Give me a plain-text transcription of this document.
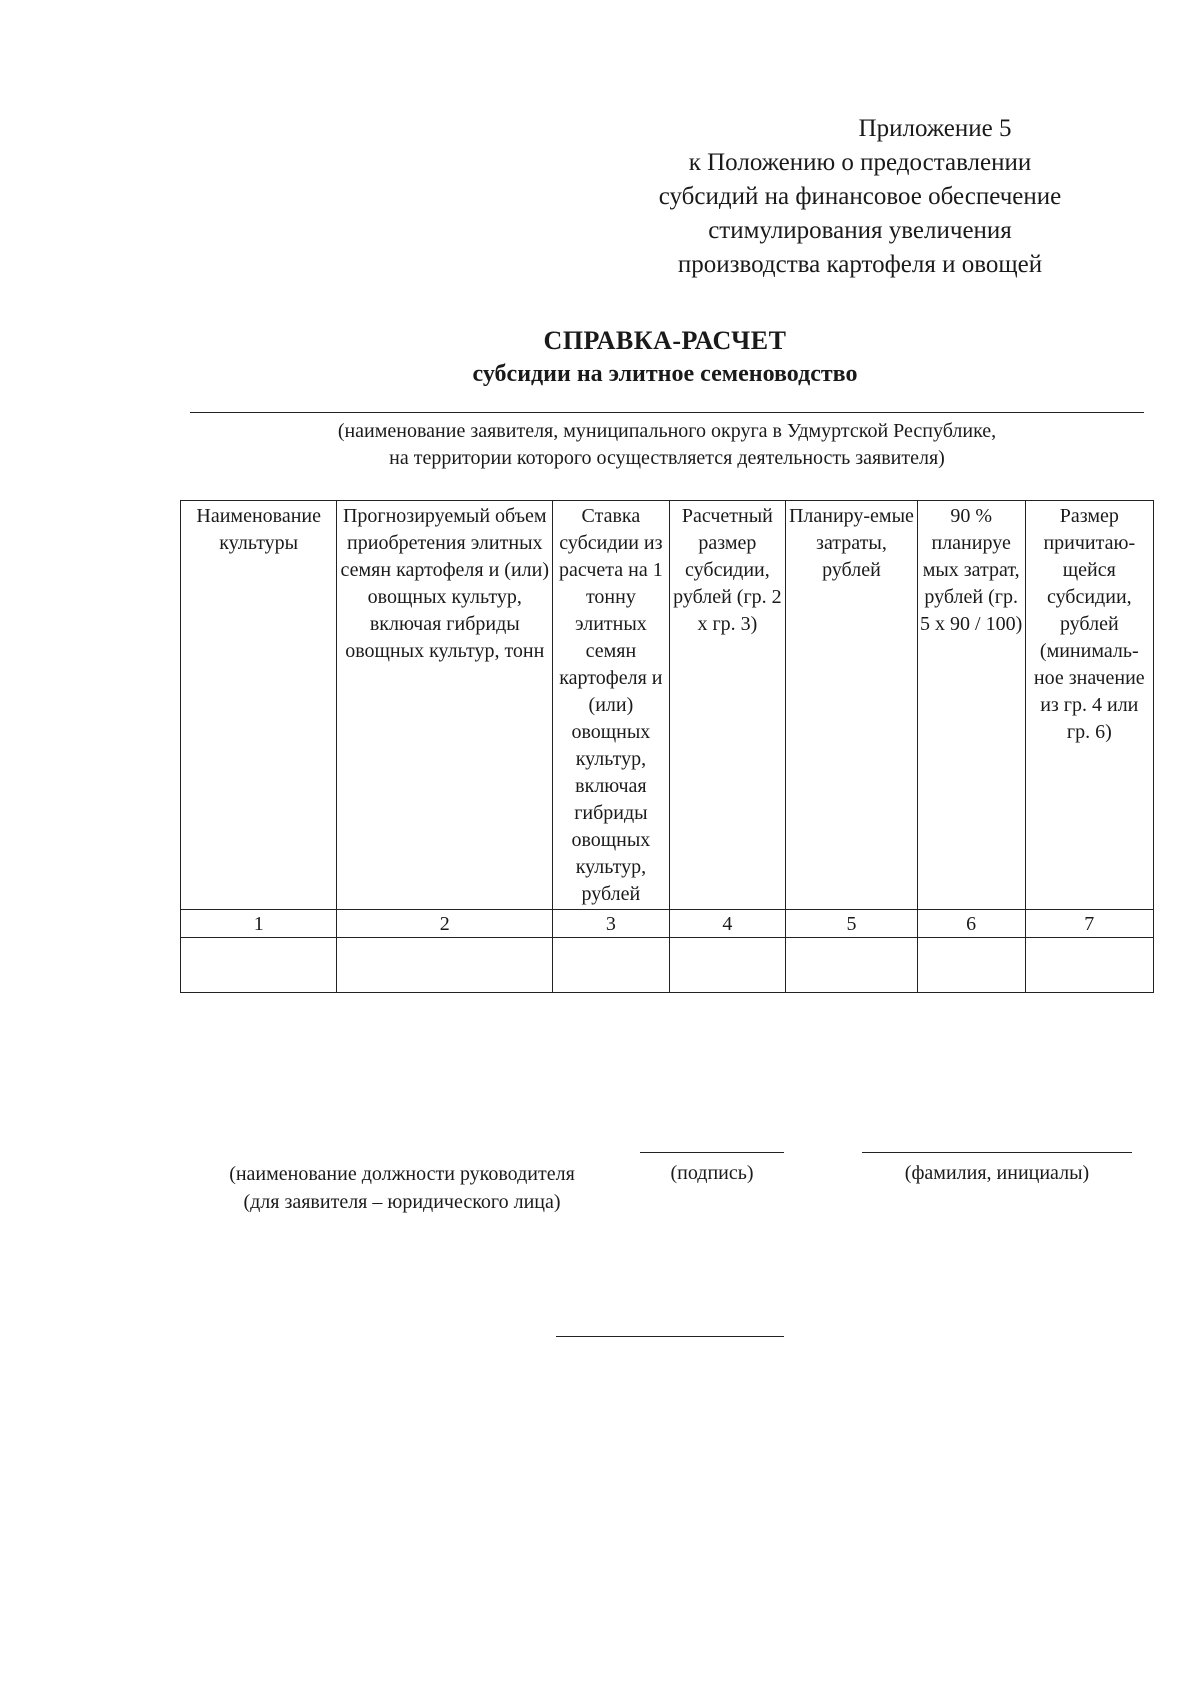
Приложение 5
к Положению о предоставлении
субсидий на финансовое обеспечение
стимулирования увеличения
производства картофеля и овощей
СПРАВКА-РАСЧЕТ
субсидии на элитное семеноводство
(наименование заявителя, муниципального округа в Удмуртской Республике,
на территории которого осуществляется деятельность заявителя)
Наименование культуры	Прогнозируемый объем приобретения элитных семян картофеля и (или) овощных культур, включая гибриды овощных культур, тонн	Ставка субсидии из расчета на 1 тонну элитных семян картофеля и (или) овощных культур, включая гибриды овощных культур, рублей	Расчетный размер субсидии, рублей (гр. 2 х гр. 3)	Планиру-емые затраты, рублей	90 % планируе мых затрат, рублей (гр. 5 х 90 / 100)	Размер причитаю-щейся субсидии, рублей (минималь-ное значение из гр. 4 или гр. 6)
1	2	3	4	5	6	7

(наименование должности руководителя
(для заявителя – юридического лица)
(подпись)	(фамилия, инициалы)
